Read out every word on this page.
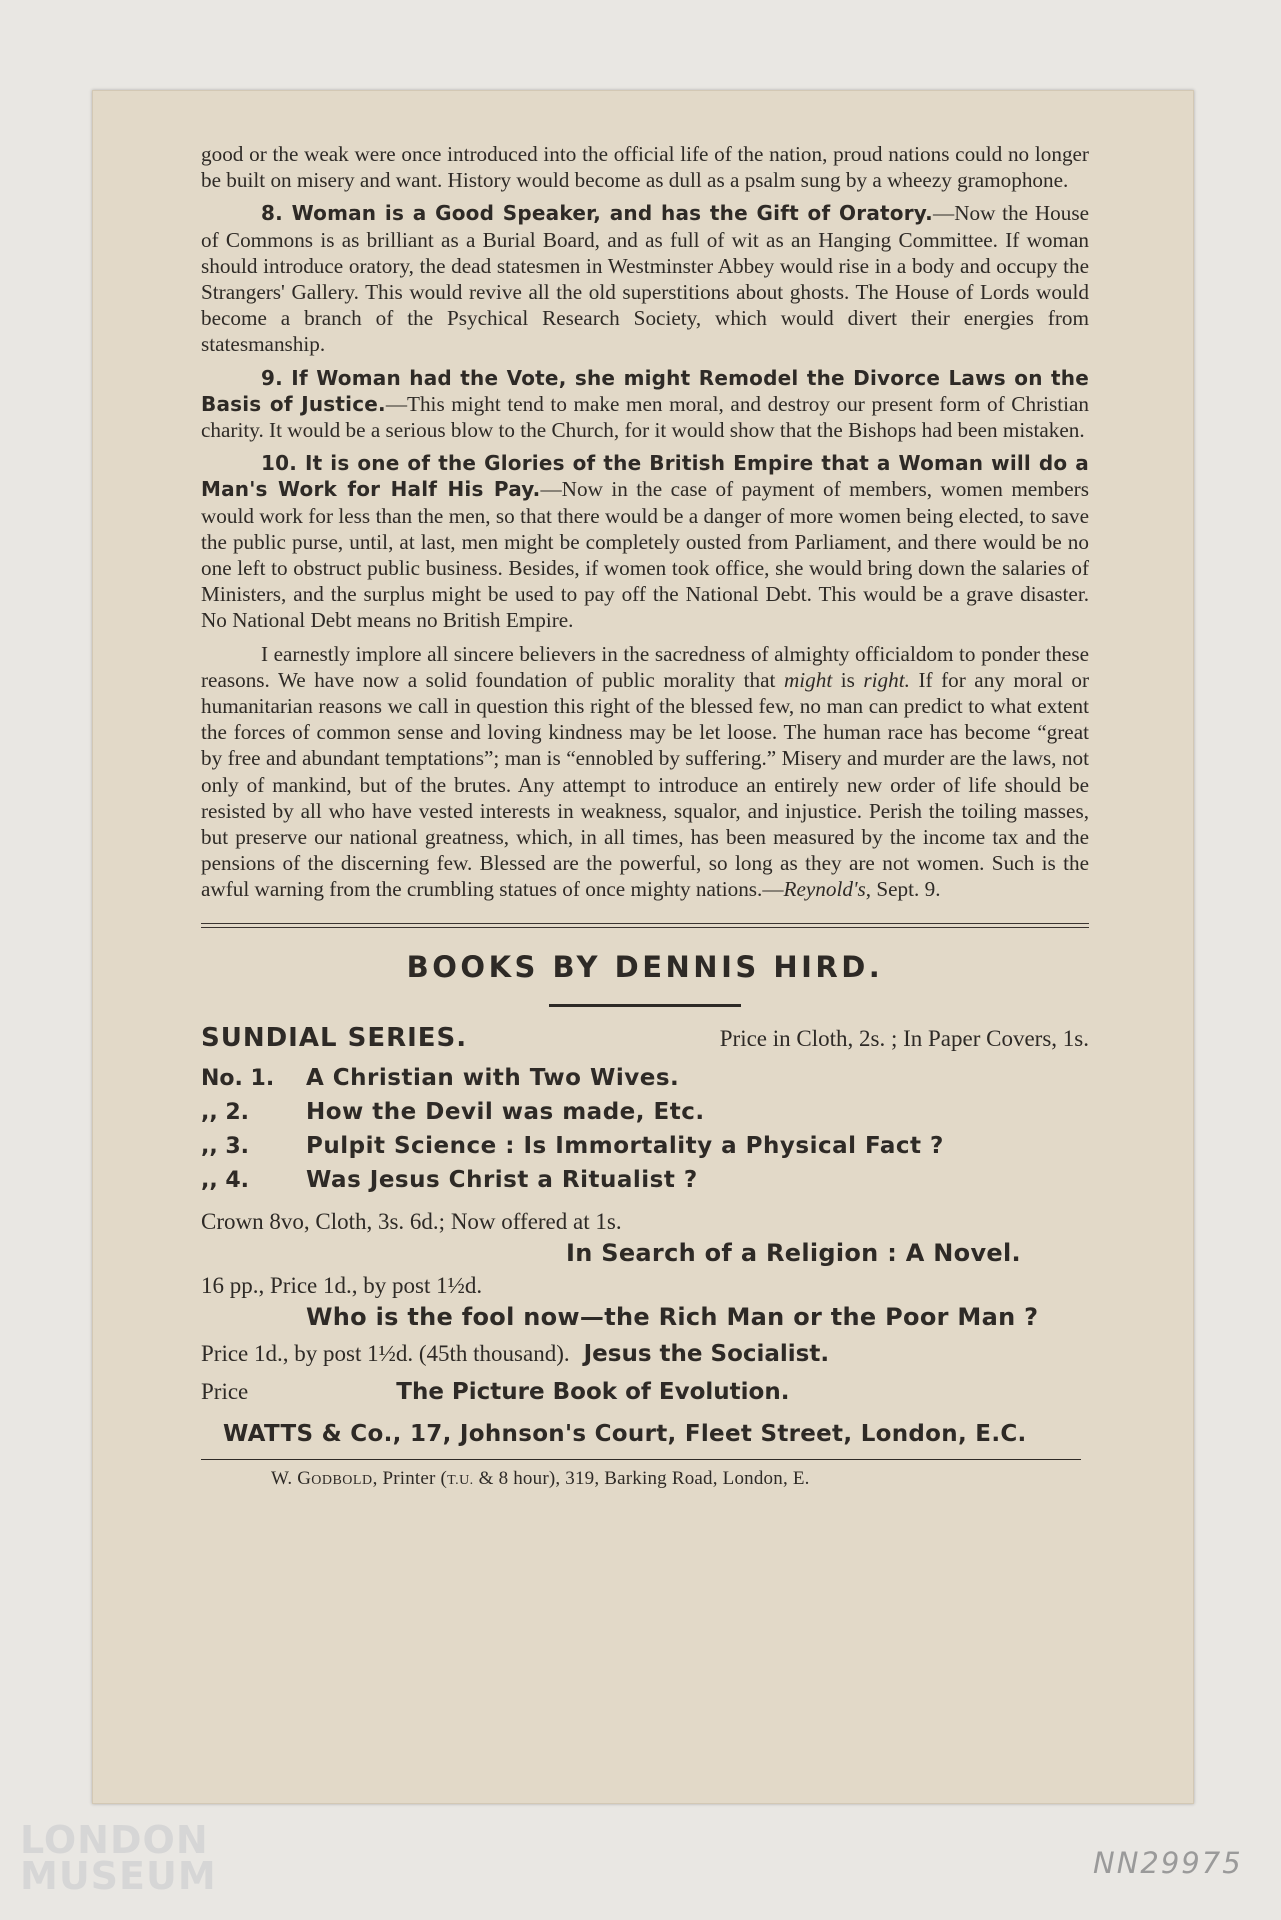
good or the weak were once introduced into the official life of the nation, proud nations could no longer be built on misery and want. History would become as dull as a psalm sung by a wheezy gramophone.

8. Woman is a Good Speaker, and has the Gift of Oratory.—Now the House of Commons is as brilliant as a Burial Board, and as full of wit as an Hanging Committee. If woman should introduce oratory, the dead statesmen in Westminster Abbey would rise in a body and occupy the Strangers' Gallery. This would revive all the old superstitions about ghosts. The House of Lords would become a branch of the Psychical Research Society, which would divert their energies from statesmanship.

9. If Woman had the Vote, she might Remodel the Divorce Laws on the Basis of Justice.—This might tend to make men moral, and destroy our present form of Christian charity. It would be a serious blow to the Church, for it would show that the Bishops had been mistaken.

10. It is one of the Glories of the British Empire that a Woman will do a Man's Work for Half His Pay.—Now in the case of payment of members, women members would work for less than the men, so that there would be a danger of more women being elected, to save the public purse, until, at last, men might be completely ousted from Parliament, and there would be no one left to obstruct public business. Besides, if women took office, she would bring down the salaries of Ministers, and the surplus might be used to pay off the National Debt. This would be a grave disaster. No National Debt means no British Empire.

I earnestly implore all sincere believers in the sacredness of almighty officialdom to ponder these reasons. We have now a solid foundation of public morality that might is right. If for any moral or humanitarian reasons we call in question this right of the blessed few, no man can predict to what extent the forces of common sense and loving kindness may be let loose. The human race has become “great by free and abundant temptations”; man is “ennobled by suffering.” Misery and murder are the laws, not only of mankind, but of the brutes. Any attempt to introduce an entirely new order of life should be resisted by all who have vested interests in weakness, squalor, and injustice. Perish the toiling masses, but preserve our national greatness, which, in all times, has been measured by the income tax and the pensions of the discerning few. Blessed are the powerful, so long as they are not women. Such is the awful warning from the crumbling statues of once mighty nations.—Reynold's, Sept. 9.

BOOKS BY DENNIS HIRD.
SUNDIAL SERIES.	Price in Cloth, 2s. ; In Paper Covers, 1s.
No. 1.	A Christian with Two Wives.
,, 2.	How the Devil was made, Etc.
,, 3.	Pulpit Science : Is Immortality a Physical Fact ?
,, 4.	Was Jesus Christ a Ritualist ?
Crown 8vo, Cloth, 3s. 6d.; Now offered at 1s.
In Search of a Religion : A Novel.
16 pp., Price 1d., by post 1½d.
Who is the fool now—the Rich Man or the Poor Man ?
Price 1d., by post 1½d. (45th thousand). Jesus the Socialist.
Price	The Picture Book of Evolution.
WATTS & Co., 17, Johnson's Court, Fleet Street, London, E.C.
W. GODBOLD, Printer (T.U. & 8 hour), 319, Barking Road, London, E.
NN29975
LONDON
MUSEUM
